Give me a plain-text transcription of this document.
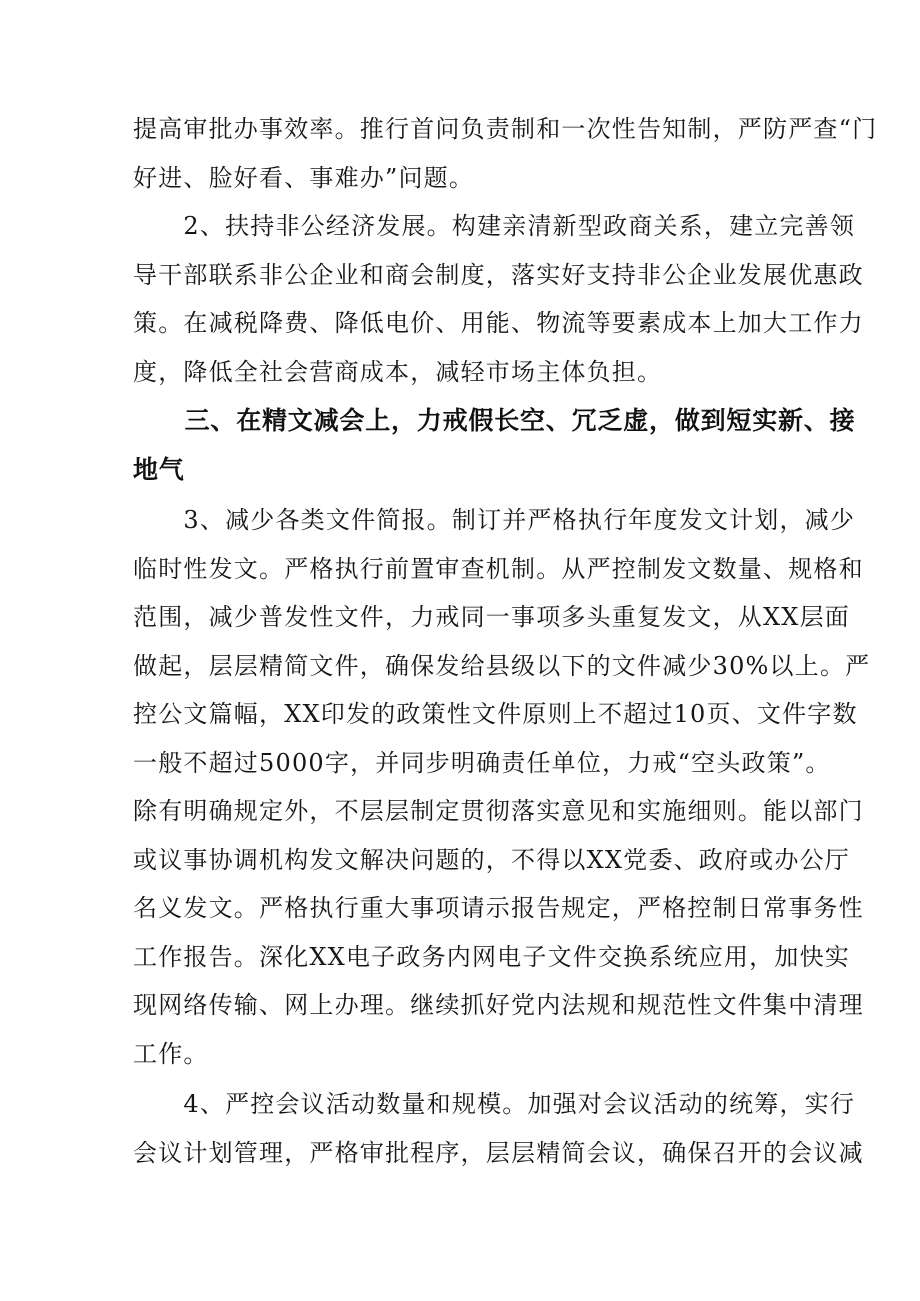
提高审批办事效率。推行首问负责制和一次性告知制，严防严查“门
好进、脸好看、事难办”问题。
　　2、扶持非公经济发展。构建亲清新型政商关系，建立完善领
导干部联系非公企业和商会制度，落实好支持非公企业发展优惠政
策。在减税降费、降低电价、用能、物流等要素成本上加大工作力
度，降低全社会营商成本，减轻市场主体负担。
　　三、在精文减会上，力戒假长空、冗乏虚，做到短实新、接
地气
　　3、减少各类文件简报。制订并严格执行年度发文计划，减少
临时性发文。严格执行前置审查机制。从严控制发文数量、规格和
范围，减少普发性文件，力戒同一事项多头重复发文，从XX层面
做起，层层精简文件，确保发给县级以下的文件减少30%以上。严
控公文篇幅，XX印发的政策性文件原则上不超过10页、文件字数
一般不超过5000字，并同步明确责任单位，力戒“空头政策”。
除有明确规定外，不层层制定贯彻落实意见和实施细则。能以部门
或议事协调机构发文解决问题的，不得以XX党委、政府或办公厅
名义发文。严格执行重大事项请示报告规定，严格控制日常事务性
工作报告。深化XX电子政务内网电子文件交换系统应用，加快实
现网络传输、网上办理。继续抓好党内法规和规范性文件集中清理
工作。
　　4、严控会议活动数量和规模。加强对会议活动的统筹，实行
会议计划管理，严格审批程序，层层精简会议，确保召开的会议减
